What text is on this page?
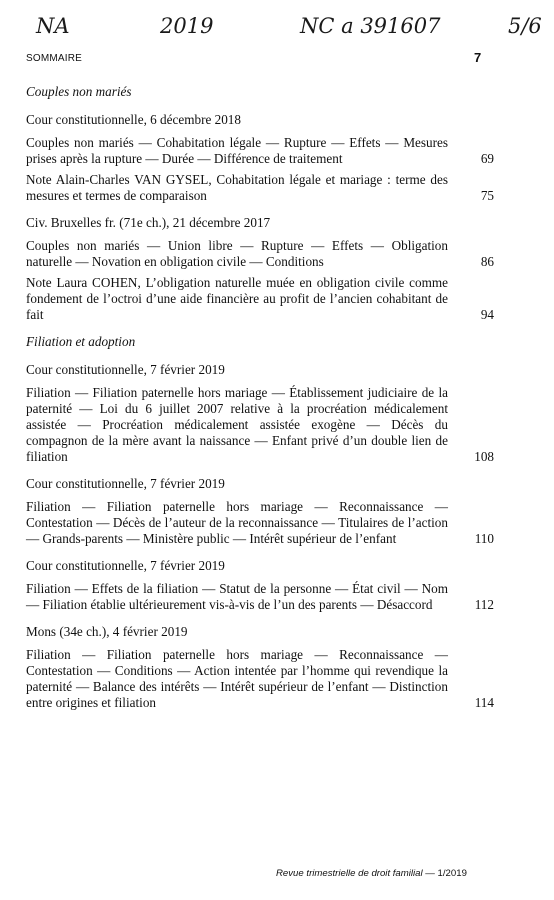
NA	2019	NC a 391607	5/6
SOMMAIRE	7
Couples non mariés
Cour constitutionnelle, 6 décembre 2018
Couples non mariés — Cohabitation légale — Rupture — Effets — Mesures prises après la rupture — Durée — Différence de traitement	69
Note Alain-Charles VAN GYSEL, Cohabitation légale et mariage : terme des mesures et termes de comparaison	75
Civ. Bruxelles fr. (71e ch.), 21 décembre 2017
Couples non mariés — Union libre — Rupture — Effets — Obligation naturelle — Novation en obligation civile — Conditions	86
Note Laura COHEN, L’obligation naturelle muée en obligation civile comme fondement de l’octroi d’une aide financière au profit de l’ancien cohabitant de fait	94
Filiation et adoption
Cour constitutionnelle, 7 février 2019
Filiation — Filiation paternelle hors mariage — Établissement judiciaire de la paternité — Loi du 6 juillet 2007 relative à la procréation médicalement assistée — Procréation médicalement assistée exogène — Décès du compagnon de la mère avant la naissance — Enfant privé d’un double lien de filiation	108
Cour constitutionnelle, 7 février 2019
Filiation — Filiation paternelle hors mariage — Reconnaissance — Contestation — Décès de l’auteur de la reconnaissance — Titulaires de l’action — Grands-parents — Ministère public — Intérêt supérieur de l’enfant	110
Cour constitutionnelle, 7 février 2019
Filiation — Effets de la filiation — Statut de la personne — État civil — Nom — Filiation établie ultérieurement vis-à-vis de l’un des parents — Désaccord	112
Mons (34e ch.), 4 février 2019
Filiation — Filiation paternelle hors mariage — Reconnaissance — Contestation — Conditions — Action intentée par l’homme qui revendique la paternité — Balance des intérêts — Intérêt supérieur de l’enfant — Distinction entre origines et filiation	114
Revue trimestrielle de droit familial — 1/2019
